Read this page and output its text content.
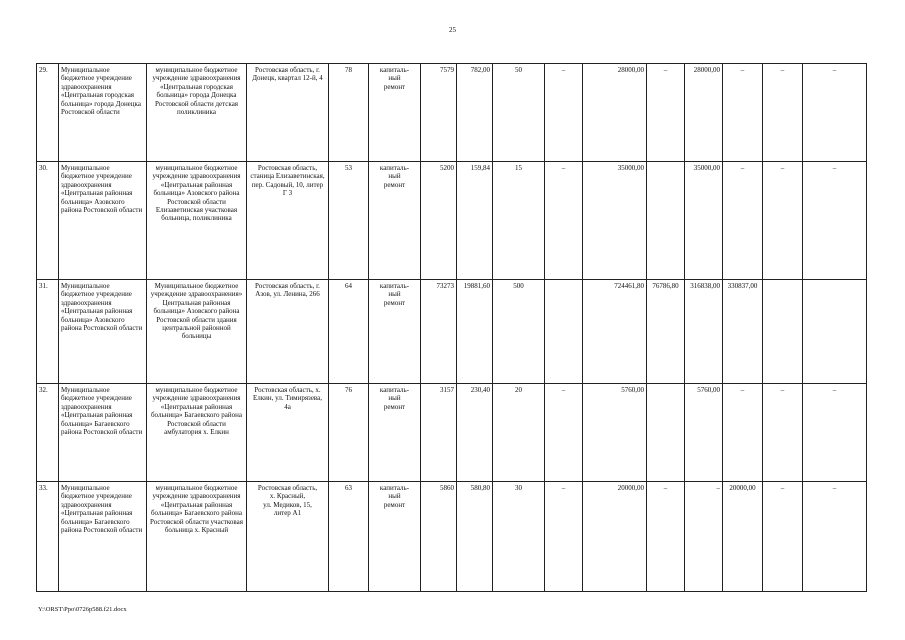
25
29.	Муниципальное бюджетное учреждение здравоохранения «Центральная городская больница» города Донецка Ростовской области	муниципальное бюджетное учреждение здравоохранения «Центральная городская больница» города Донецка Ростовской области детская поликлиника	Ростовская область, г. Донецк, квартал 12-й, 4	78	капиталь-
ный
ремонт	7579	782,00	50	–	28000,00	–	28000,00	–	–	–
30.	Муниципальное бюджетное учреждение здравоохранения «Центральная районная больница» Азовского района Ростовской области	муниципальное бюджетное учреждение здравоохранения «Центральная районная больница» Азовского района Ростовской области Елизаветинская участковая больница, поликлиника	Ростовская область, станица Елизаветинская, пер. Садовый, 10, литер Г 3	53	капиталь-
ный
ремонт	5200	159,84	15	–	35000,00		35000,00	–	–	–
31.	Муниципальное бюджетное учреждение здравоохранения «Центральная районная больница» Азовского района Ростовской области	Муниципальное бюджетное учреждение здравоохранения» Центральная районная больница» Азовского района Ростовской области здания центральной районной больницы	Ростовская область, г. Азов, ул. Ленина, 266	64	капиталь-
ный
ремонт	73273	19881,60	500		724461,80	76786,80	316838,00	330837,00		
32.	Муниципальное бюджетное учреждение здравоохранения «Центральная районная больница» Багаевского района Ростовской области	муниципальное бюджетное учреждение здравоохранения «Центральная районная больница» Багаевского района Ростовской области амбулатория х. Елкин	Ростовская область, х. Елкин, ул. Тимирязева, 4а	76	капиталь-
ный
ремонт	3157	230,40	20	–	5760,00		5760,00	–	–	–
33.	Муниципальное бюджетное учреждение здравоохранения «Центральная районная больница» Багаевского района Ростовской области	муниципальное бюджетное учреждение здравоохранения «Центральная районная больница» Багаевского района Ростовской области участковая больница х. Красный	Ростовская область,
х. Красный,
ул. Медиков, 15,
литер А1	63	капиталь-
ный
ремонт	5860	580,80	30	–	20000,00	–	–	20000,00	–	–
Y:\ORST\Ppo\0726p588.f21.docx
